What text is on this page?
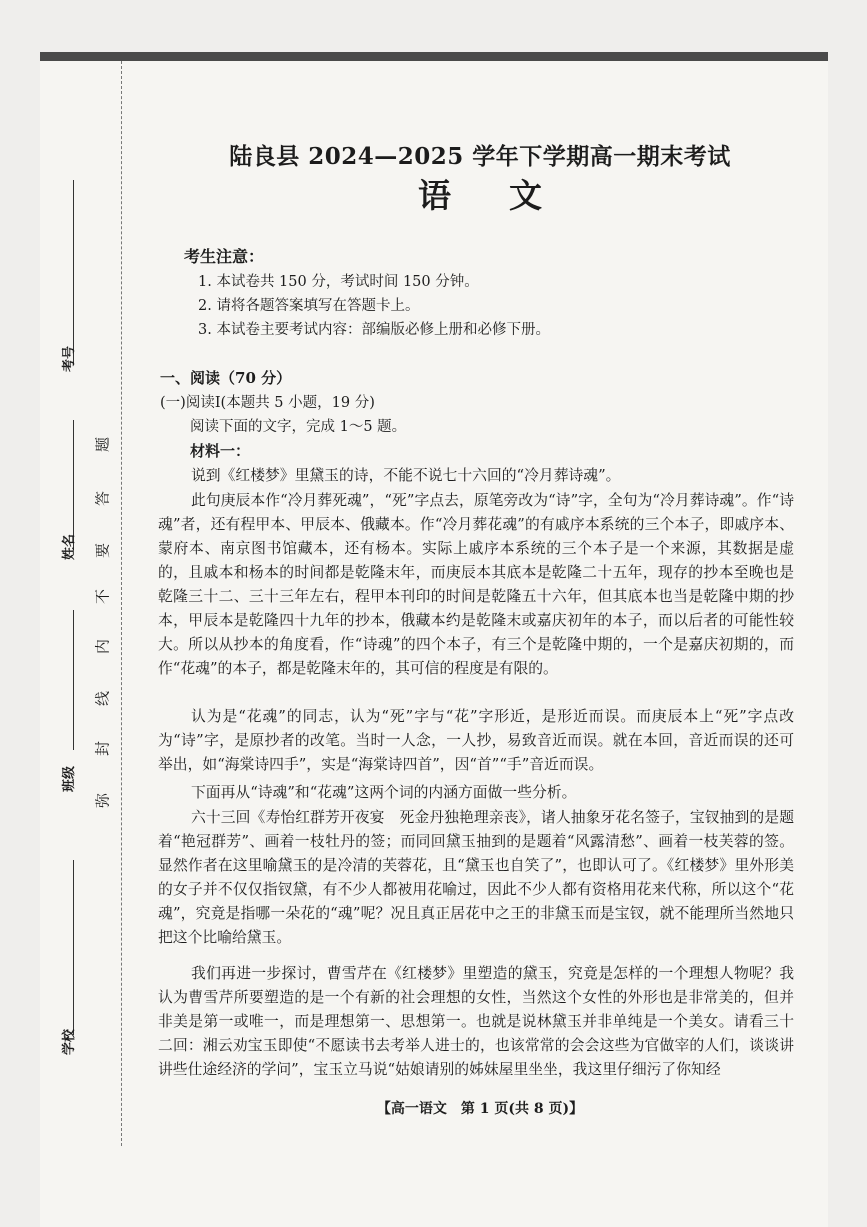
考号
姓名
班级
学校
题
答
要
不
内
线
封
弥
陆良县 2024—2025 学年下学期高一期末考试
语文
考生注意：
1. 本试卷共 150 分，考试时间 150 分钟。
2. 请将各题答案填写在答题卡上。
3. 本试卷主要考试内容：部编版必修上册和必修下册。
一、阅读（70 分）
(一)阅读Ⅰ(本题共 5 小题，19 分)
阅读下面的文字，完成 1～5 题。
材料一：

说到《红楼梦》里黛玉的诗，不能不说七十六回的“冷月葬诗魂”。

此句庚辰本作“冷月葬死魂”，“死”字点去，原笔旁改为“诗”字，全句为“冷月葬诗魂”。作“诗魂”者，还有程甲本、甲辰本、俄藏本。作“冷月葬花魂”的有戚序本系统的三个本子，即戚序本、蒙府本、南京图书馆藏本，还有杨本。实际上戚序本系统的三个本子是一个来源，其数据是虚的，且戚本和杨本的时间都是乾隆末年，而庚辰本其底本是乾隆二十五年，现存的抄本至晚也是乾隆三十二、三十三年左右，程甲本刊印的时间是乾隆五十六年，但其底本也当是乾隆中期的抄本，甲辰本是乾隆四十九年的抄本，俄藏本约是乾隆末或嘉庆初年的本子，而以后者的可能性较大。所以从抄本的角度看，作“诗魂”的四个本子，有三个是乾隆中期的，一个是嘉庆初期的，而作“花魂”的本子，都是乾隆末年的，其可信的程度是有限的。

认为是“花魂”的同志，认为“死”字与“花”字形近，是形近而误。而庚辰本上“死”字点改为“诗”字，是原抄者的改笔。当时一人念，一人抄，易致音近而误。就在本回，音近而误的还可举出，如“海棠诗四手”，实是“海棠诗四首”，因“首”“手”音近而误。

下面再从“诗魂”和“花魂”这两个词的内涵方面做一些分析。

六十三回《寿怡红群芳开夜宴　死金丹独艳理亲丧》，诸人抽象牙花名签子，宝钗抽到的是题着“艳冠群芳”、画着一枝牡丹的签；而同回黛玉抽到的是题着“风露清愁”、画着一枝芙蓉的签。显然作者在这里喻黛玉的是冷清的芙蓉花，且“黛玉也自笑了”，也即认可了。《红楼梦》里外形美的女子并不仅仅指钗黛，有不少人都被用花喻过，因此不少人都有资格用花来代称，所以这个“花魂”，究竟是指哪一朵花的“魂”呢？况且真正居花中之王的非黛玉而是宝钗，就不能理所当然地只把这个比喻给黛玉。

我们再进一步探讨，曹雪芹在《红楼梦》里塑造的黛玉，究竟是怎样的一个理想人物呢？我认为曹雪芹所要塑造的是一个有新的社会理想的女性，当然这个女性的外形也是非常美的，但并非美是第一或唯一，而是理想第一、思想第一。也就是说林黛玉并非单纯是一个美女。请看三十二回：湘云劝宝玉即使“不愿读书去考举人进士的，也该常常的会会这些为官做宰的人们，谈谈讲讲些仕途经济的学问”，宝玉立马说“姑娘请别的姊妹屋里坐坐，我这里仔细污了你知经

【高一语文　第 1 页(共 8 页)】
